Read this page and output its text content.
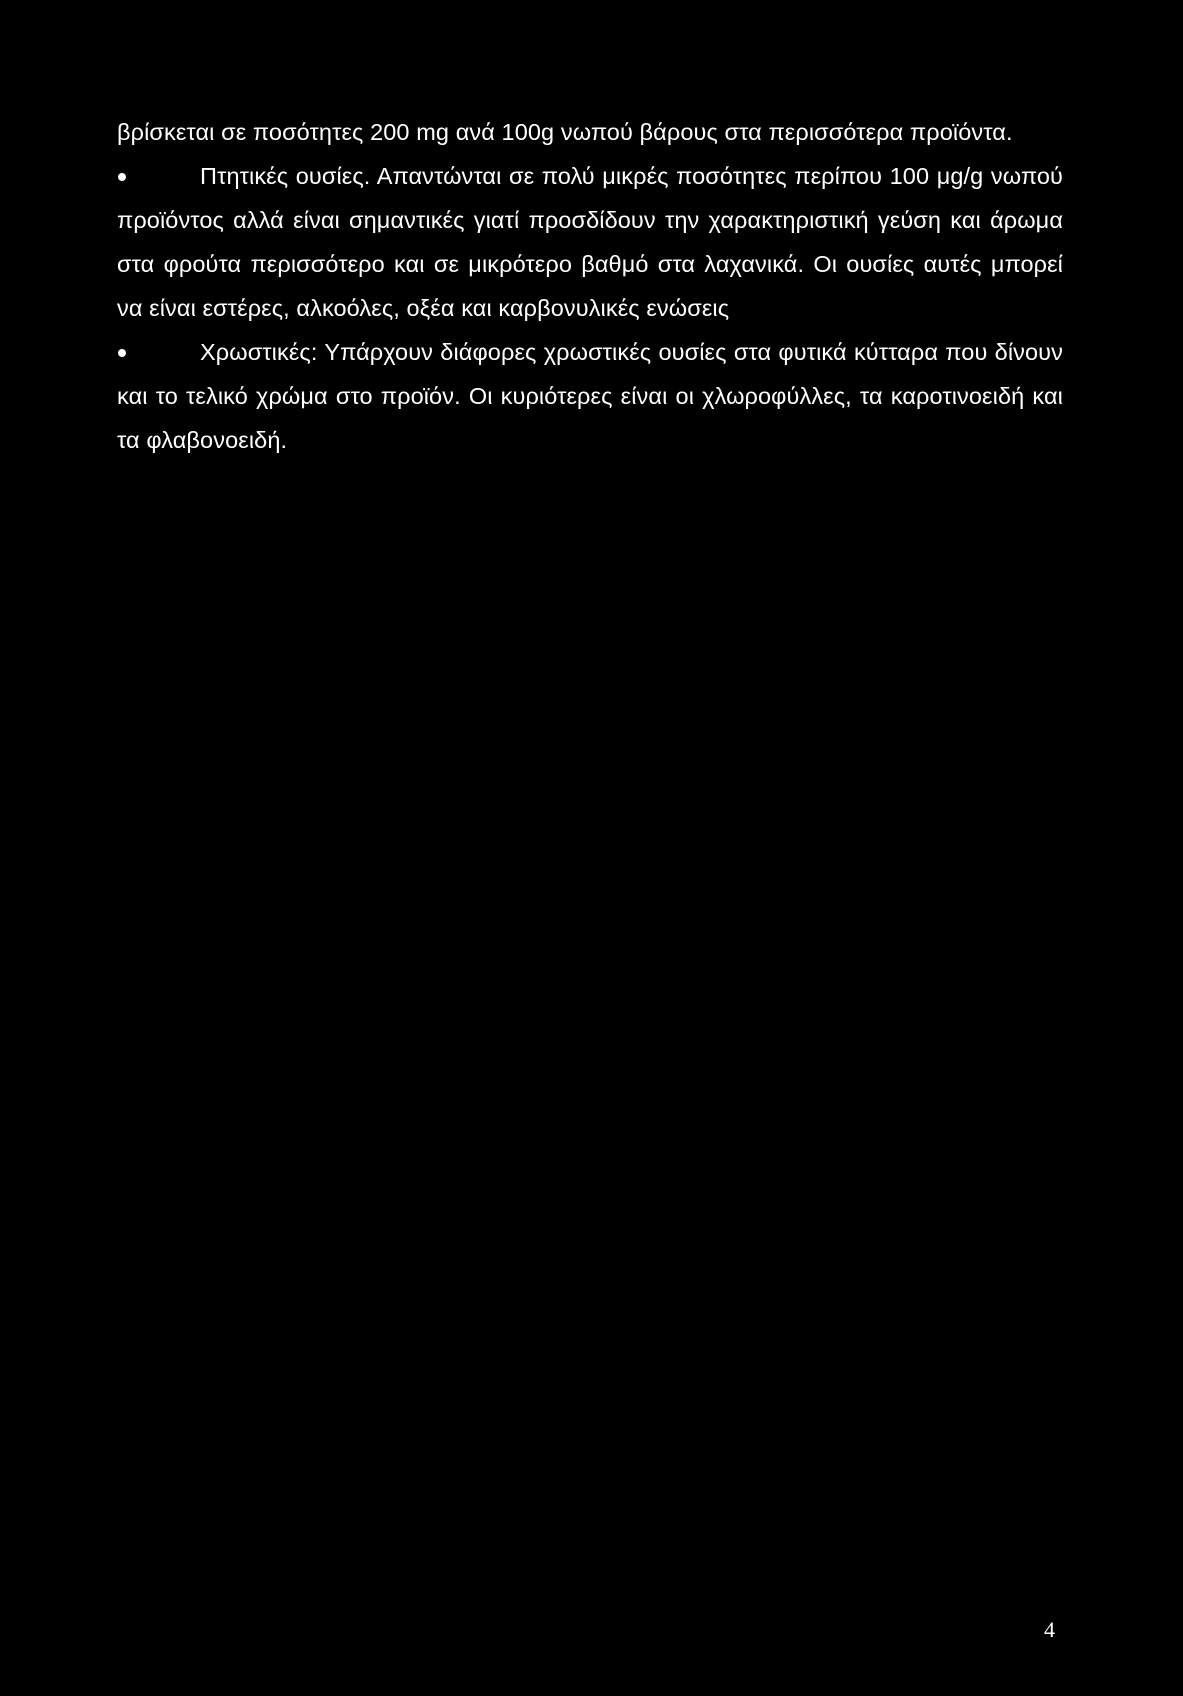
βρίσκεται σε ποσότητες 200 mg ανά 100g νωπού βάρους στα περισσότερα προϊόντα.

Πτητικές ουσίες. Απαντώνται σε πολύ μικρές ποσότητες περίπου 100 μg/g νωπού προϊόντος αλλά είναι σημαντικές γιατί προσδίδουν την χαρακτηριστική γεύση και άρωμα στα φρούτα περισσότερο και σε μικρότερο βαθμό στα λαχανικά. Οι ουσίες αυτές μπορεί να είναι εστέρες, αλκοόλες, οξέα και καρβονυλικές ενώσεις

Χρωστικές: Υπάρχουν διάφορες χρωστικές ουσίες στα φυτικά κύτταρα που δίνουν και το τελικό χρώμα στο προϊόν. Οι κυριότερες είναι οι χλωροφύλλες, τα καροτινοειδή και τα φλαβονοειδή.

4
